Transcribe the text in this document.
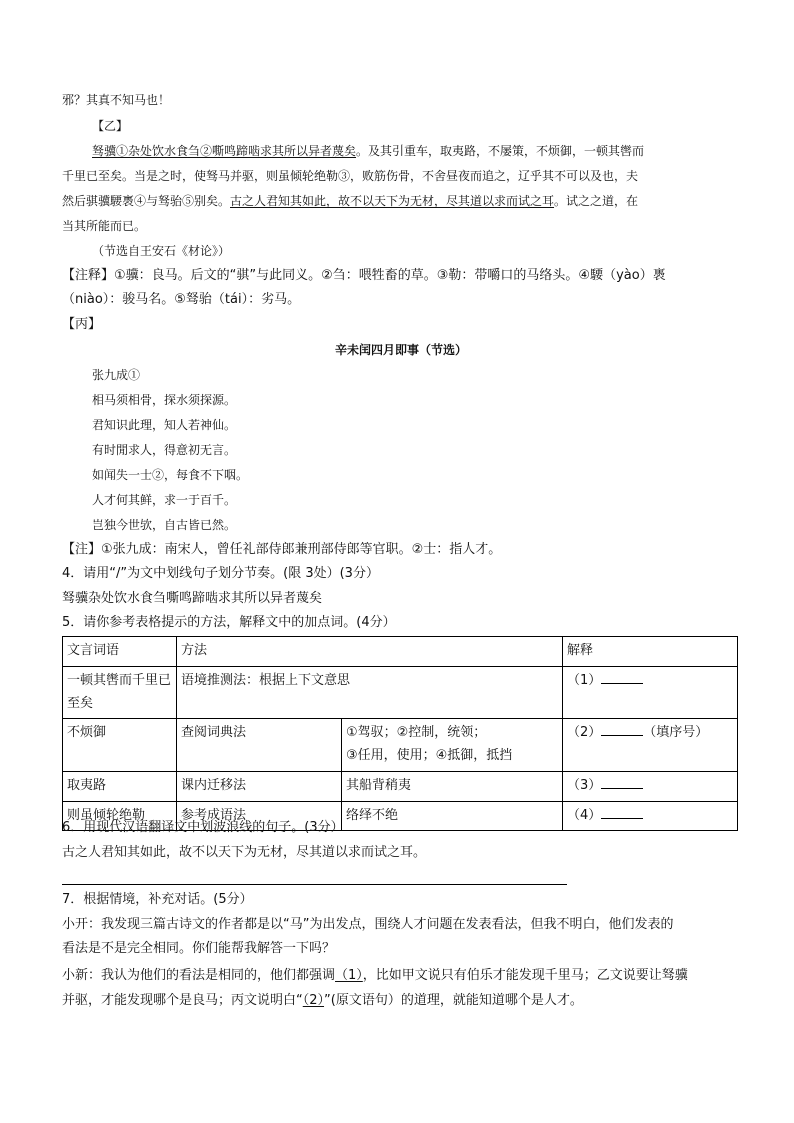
邪？其真不知马也！
【乙】
驽骥①杂处饮水食刍②嘶鸣蹄啮求其所以异者蔑矣。及其引重车，取夷路，不屡策，不烦御，一顿其辔而
千里已至矣。当是之时，使驽马并驱，则虽倾轮绝勒③，败筋伤骨，不舍昼夜而追之，辽乎其不可以及也，夫
然后骐骥騕褭④与驽骀⑤别矣。古之人君知其如此，故不以天下为无材，尽其道以求而试之耳。试之之道，在
当其所能而已。
（节选自王安石《材论》）
【注释】①骥：良马。后文的“骐”与此同义。②刍：喂牲畜的草。③勒：带嚼口的马络头。④騕（yào）褭
（niào）：骏马名。⑤驽骀（tái）：劣马。
【丙】
辛未闰四月即事（节选）
张九成①
相马须相骨，探水须探源。
君知识此理，知人若神仙。
有时閒求人，得意初无言。
如闻失一士②，每食不下咽。
人才何其鲜，求一于百千。
岂独今世欤，自古皆已然。
【注】①张九成：南宋人，曾任礼部侍郎兼刑部侍郎等官职。②士：指人才。
4．请用“/”为文中划线句子划分节奏。(限 3处）(3分）
驽骥杂处饮水食刍嘶鸣蹄啮求其所以异者蔑矣
5．请你参考表格提示的方法，解释文中的加点词。(4分）
文言词语	方法		解释
一顿其辔而千里已至矣	语境推测法：根据上下文意思		（1）
不烦御	查阅词典法	①驾驭；②控制，统领；
③任用，使用；④抵御，抵挡	（2） （填序号）
取夷路	课内迁移法	其船背稍夷	（3）
则虽倾轮绝勒	参考成语法	络绎不绝	（4）
6．用现代汉语翻译文中划波浪线的句子。(3分）
古之人君知其如此，故不以天下为无材，尽其道以求而试之耳。
7．根据情境，补充对话。(5分）
小开：我发现三篇古诗文的作者都是以“马”为出发点，围绕人才问题在发表看法，但我不明白，他们发表的
看法是不是完全相同。你们能帮我解答一下吗？
小新：我认为他们的看法是相同的，他们都强调（1），比如甲文说只有伯乐才能发现千里马；乙文说要让驽骥
并驱，才能发现哪个是良马；丙文说明白“（2）”(原文语句）的道理，就能知道哪个是人才。
